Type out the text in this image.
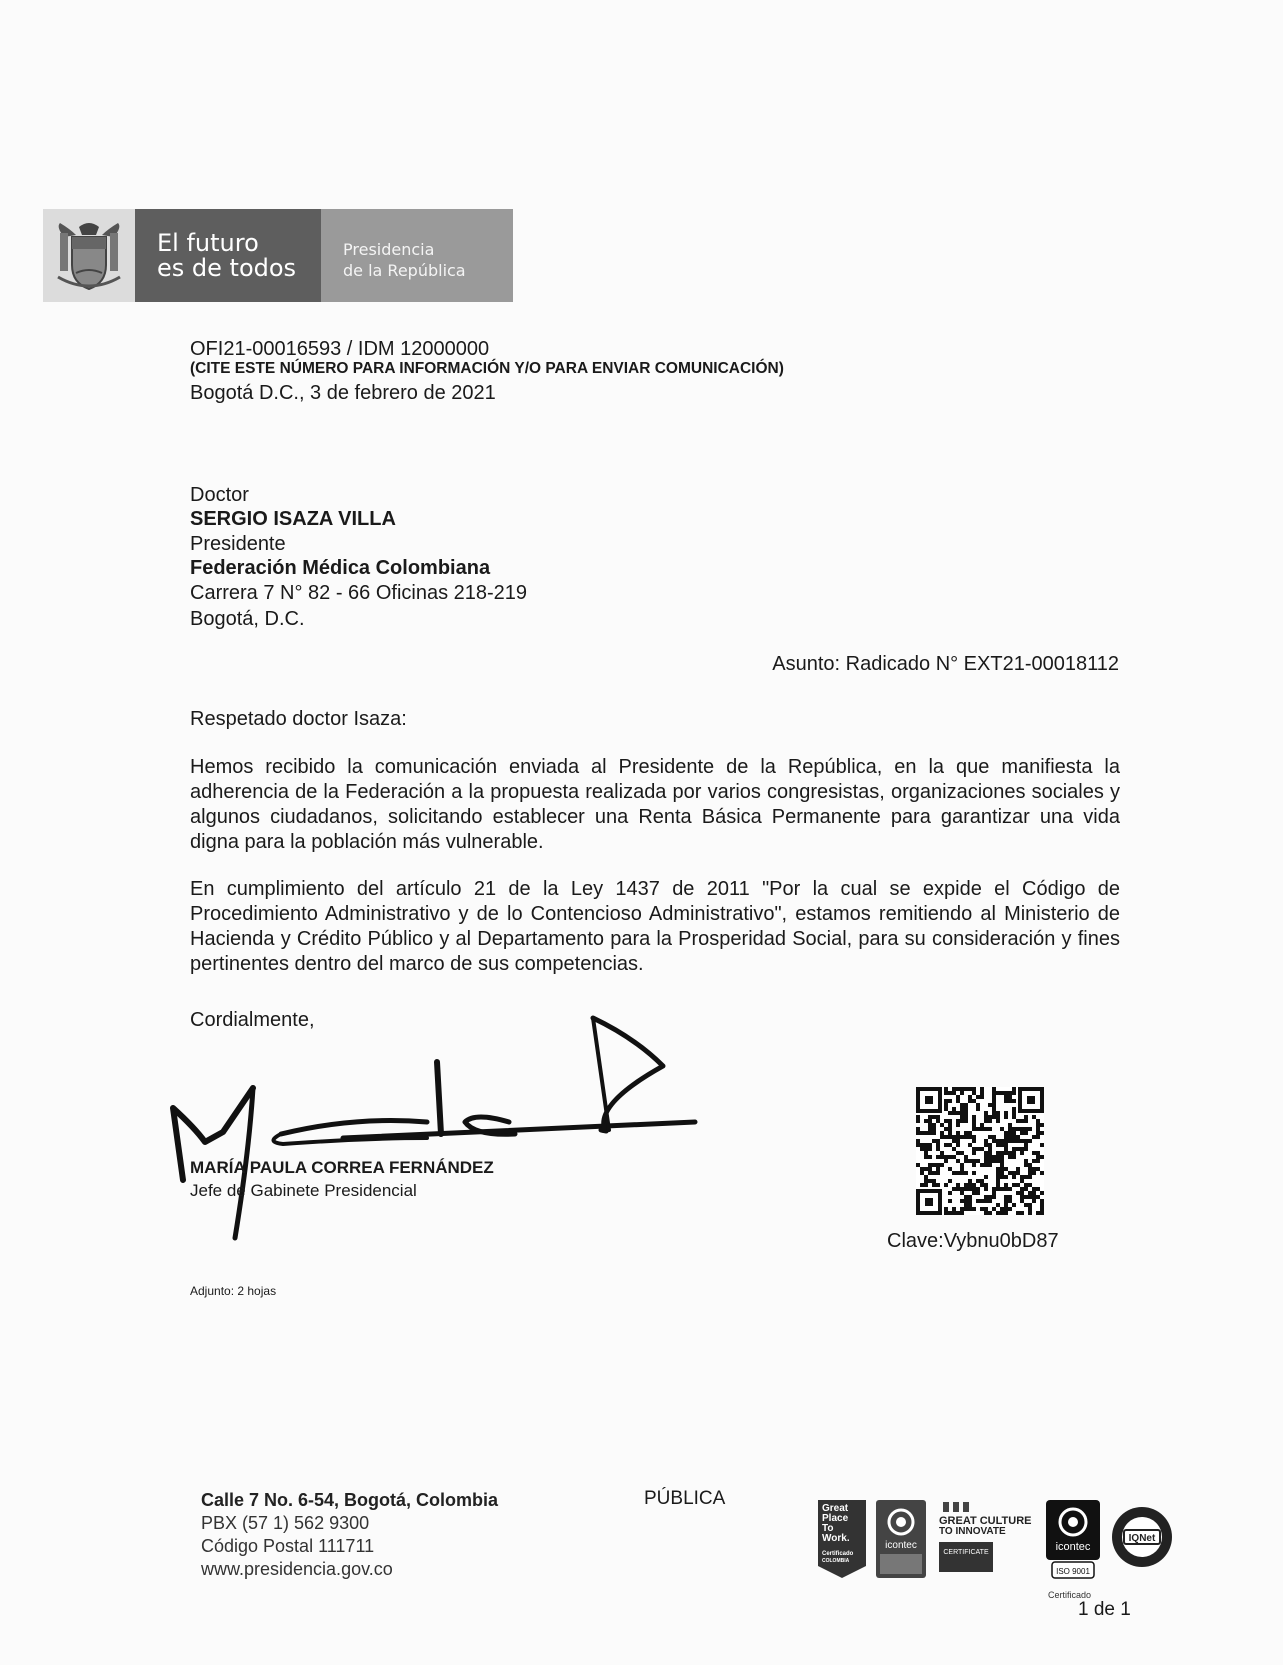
El futuro
es de todos
Presidencia
de la República
OFI21-00016593 / IDM 12000000
(CITE ESTE NÚMERO PARA INFORMACIÓN Y/O PARA ENVIAR COMUNICACIÓN)
Bogotá D.C., 3 de febrero de 2021
Doctor
SERGIO ISAZA VILLA
Presidente
Federación Médica Colombiana
Carrera 7 N° 82 - 66 Oficinas 218-219
Bogotá, D.C.
Asunto: Radicado N° EXT21-00018112
Respetado doctor Isaza:
Hemos recibido la comunicación enviada al Presidente de la República, en la que manifiesta la adherencia de la Federación a la propuesta realizada por varios congresistas, organizaciones sociales y algunos ciudadanos, solicitando establecer una Renta Básica Permanente para garantizar una vida digna para la población más vulnerable.
En cumplimiento del artículo 21 de la Ley 1437 de 2011 "Por la cual se expide el Código de Procedimiento Administrativo y de lo Contencioso Administrativo", estamos remitiendo al Ministerio de Hacienda y Crédito Público y al Departamento para la Prosperidad Social, para su consideración y fines pertinentes dentro del marco de sus competencias.
Cordialmente,
MARÍA PAULA CORREA FERNÁNDEZ
Jefe de Gabinete Presidencial
Clave:Vybnu0bD87
Adjunto: 2 hojas
Calle 7 No. 6-54, Bogotá, Colombia
PBX (57 1) 562 9300
Código Postal 111711
www.presidencia.gov.co
PÚBLICA	Great
Place
To
Work.
Certificado
COLOMBIA
icontec
GREAT CULTURE
TO INNOVATE
CERTIFICATE	icontec
ISO 9001
IQNet
Certificado
1 de 1
